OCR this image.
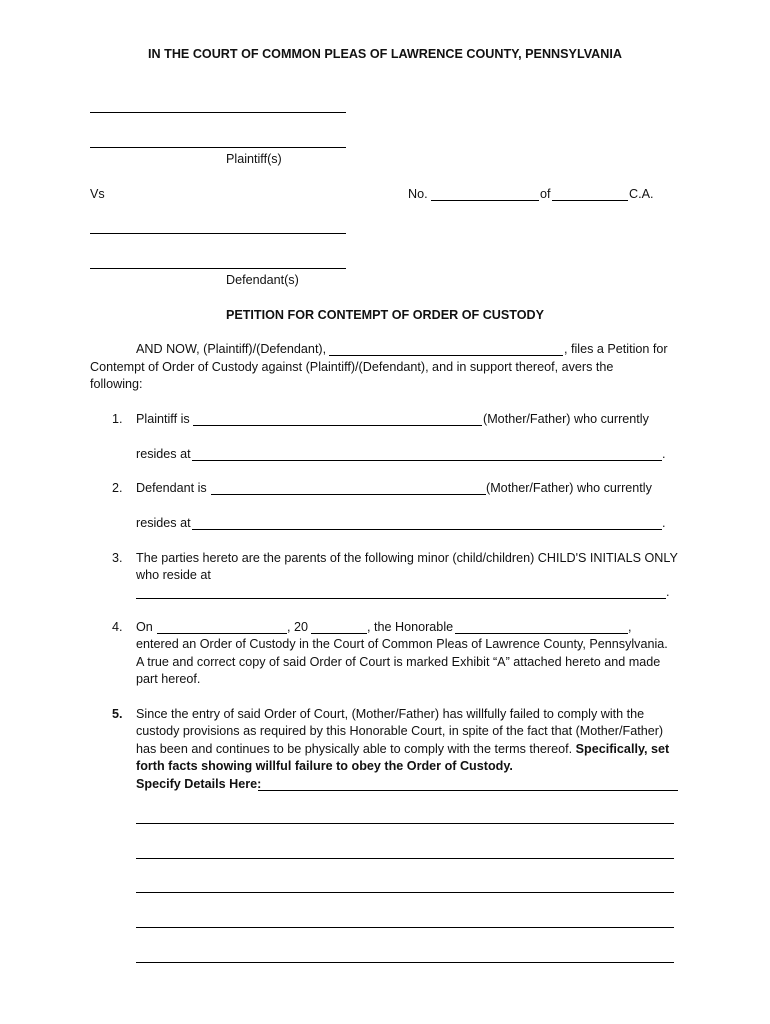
IN THE COURT OF COMMON PLEAS OF LAWRENCE COUNTY, PENNSYLVANIA
Plaintiff(s)
Vs	No.	of	C.A.
Defendant(s)
PETITION FOR CONTEMPT OF ORDER OF CUSTODY
AND NOW, (Plaintiff)/(Defendant),	, files a Petition for
Contempt of Order of Custody against (Plaintiff)/(Defendant), and in support thereof, avers the
following:
1. Plaintiff is	(Mother/Father) who currently
resides at	.
2. Defendant is	(Mother/Father) who currently
resides at	.
3. The parties hereto are the parents of the following minor (child/children) CHILD'S INITIALS ONLY
who reside at
.
4. On	, 20	, the Honorable	,
entered an Order of Custody in the Court of Common Pleas of Lawrence County, Pennsylvania.
A true and correct copy of said Order of Court is marked Exhibit “A” attached hereto and made
part hereof.
5. Since the entry of said Order of Court, (Mother/Father) has willfully failed to comply with the
custody provisions as required by this Honorable Court, in spite of the fact that (Mother/Father)
has been and continues to be physically able to comply with the terms thereof. Specifically, set
forth facts showing willful failure to obey the Order of Custody.
Specify Details Here:
